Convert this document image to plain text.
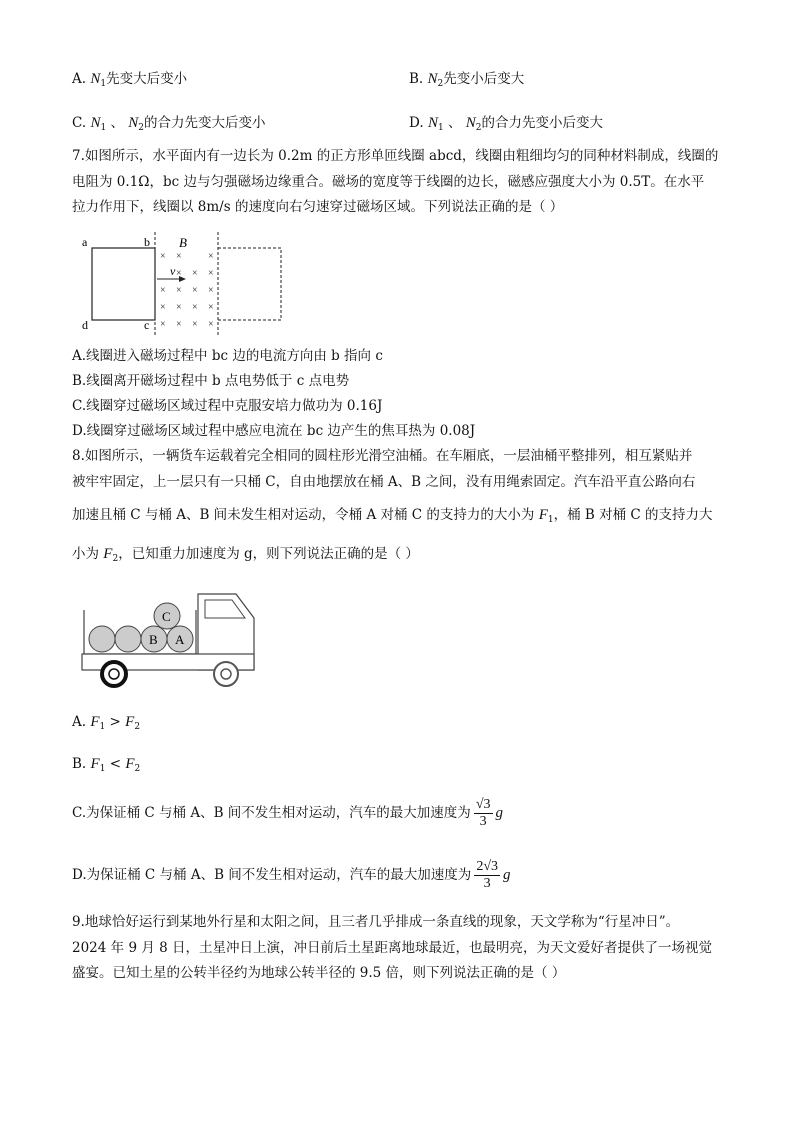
A. $N_1$先变大后变小	B. $N_2$先变小后变大
C. $N_1$ 、 $N_2$的合力先变大后变小	D. $N_1$ 、 $N_2$的合力先变小后变大
7.如图所示，水平面内有一边长为 0.2m 的正方形单匝线圈 abcd，线圈由粗细均匀的同种材料制成，线圈的
电阻为 0.1Ω，bc 边与匀强磁场边缘重合。磁场的宽度等于线圈的边长，磁感应强度大小为 0.5T。在水平
拉力作用下，线圈以 8m/s 的速度向右匀速穿过磁场区域。下列说法正确的是（ ）
a	b
c
d
B
v
× ×	×
× × ×
× × × ×
× × × ×
× × × ×
A.线圈进入磁场过程中 bc 边的电流方向由 b 指向 c
B.线圈离开磁场过程中 b 点电势低于 c 点电势
C.线圈穿过磁场区域过程中克服安培力做功为 0.16J
D.线圈穿过磁场区域过程中感应电流在 bc 边产生的焦耳热为 0.08J
8.如图所示，一辆货车运载着完全相同的圆柱形光滑空油桶。在车厢底，一层油桶平整排列，相互紧贴并
被牢牢固定，上一层只有一只桶 C，自由地摆放在桶 A、B 之间，没有用绳索固定。汽车沿平直公路向右
加速且桶 C 与桶 A、B 间未发生相对运动，令桶 A 对桶 C 的支持力的大小为 $F_1$，桶 B 对桶 C 的支持力大
小为 $F_2$，已知重力加速度为 g，则下列说法正确的是（ ）
B A
C
A. $F_1 > F_2$
B. $F_1 < F_2$
C.为保证桶 C 与桶 A、B 间不发生相对运动，汽车的最大加速度为 $\frac{√3}{3}$ g
D.为保证桶 C 与桶 A、B 间不发生相对运动，汽车的最大加速度为 $\frac{2√3}{3}$ g
9.地球恰好运行到某地外行星和太阳之间，且三者几乎排成一条直线的现象，天文学称为“行星冲日”。
2024 年 9 月 8 日，土星冲日上演，冲日前后土星距离地球最近，也最明亮，为天文爱好者提供了一场视觉
盛宴。已知土星的公转半径约为地球公转半径的 9.5 倍，则下列说法正确的是（ ）
